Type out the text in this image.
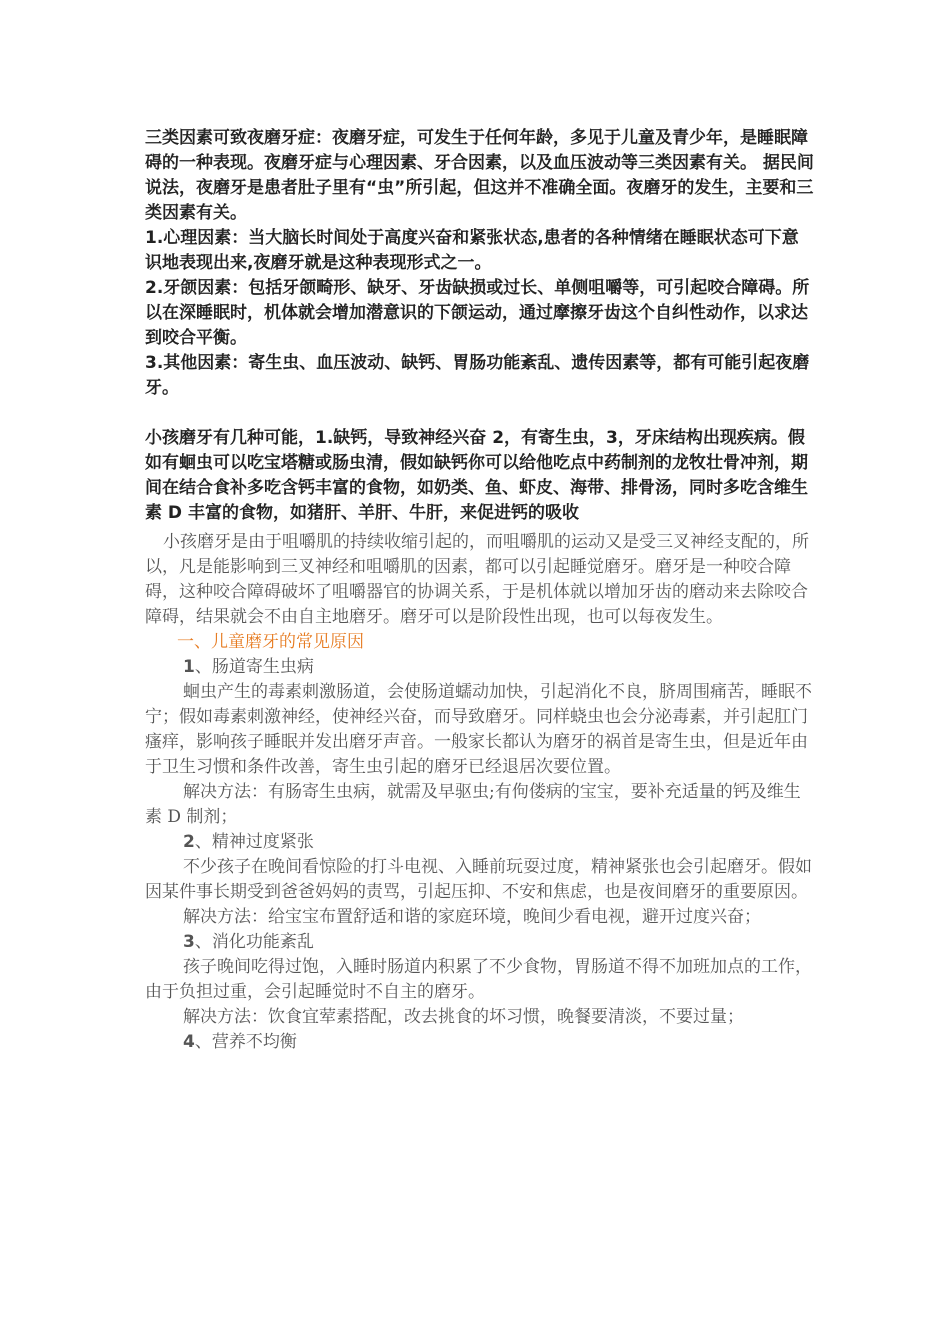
三类因素可致夜磨牙症：夜磨牙症，可发生于任何年龄，多见于儿童及青少年，是睡眠障碍的一种表现。夜磨牙症与心理因素、牙合因素，以及血压波动等三类因素有关。 据民间说法，夜磨牙是患者肚子里有“虫”所引起，但这并不准确全面。夜磨牙的发生，主要和三类因素有关。

1.心理因素：当大脑长时间处于高度兴奋和紧张状态,患者的各种情绪在睡眠状态可下意识地表现出来,夜磨牙就是这种表现形式之一。

2.牙颌因素：包括牙颌畸形、缺牙、牙齿缺损或过长、单侧咀嚼等，可引起咬合障碍。所以在深睡眠时，机体就会增加潜意识的下颌运动，通过摩擦牙齿这个自纠性动作，以求达到咬合平衡。

3.其他因素：寄生虫、血压波动、缺钙、胃肠功能紊乱、遗传因素等，都有可能引起夜磨牙。

小孩磨牙有几种可能，1.缺钙，导致神经兴奋 2，有寄生虫，3，牙床结构出现疾病。假如有蛔虫可以吃宝塔糖或肠虫清，假如缺钙你可以给他吃点中药制剂的龙牧壮骨冲剂，期间在结合食补多吃含钙丰富的食物，如奶类、鱼、虾皮、海带、排骨汤，同时多吃含维生素 D 丰富的食物，如猪肝、羊肝、牛肝，来促进钙的吸收

小孩磨牙是由于咀嚼肌的持续收缩引起的，而咀嚼肌的运动又是受三叉神经支配的，所以，凡是能影响到三叉神经和咀嚼肌的因素，都可以引起睡觉磨牙。磨牙是一种咬合障碍，这种咬合障碍破坏了咀嚼器官的协调关系，于是机体就以增加牙齿的磨动来去除咬合障碍，结果就会不由自主地磨牙。磨牙可以是阶段性出现，也可以每夜发生。

一、儿童磨牙的常见原因

1、肠道寄生虫病

蛔虫产生的毒素刺激肠道，会使肠道蠕动加快，引起消化不良，脐周围痛苦，睡眠不宁；假如毒素刺激神经，使神经兴奋，而导致磨牙。同样蛲虫也会分泌毒素，并引起肛门瘙痒，影响孩子睡眠并发出磨牙声音。一般家长都认为磨牙的祸首是寄生虫，但是近年由于卫生习惯和条件改善，寄生虫引起的磨牙已经退居次要位置。

解决方法：有肠寄生虫病，就需及早驱虫;有佝偻病的宝宝，要补充适量的钙及维生素 D 制剂；

2、精神过度紧张

不少孩子在晚间看惊险的打斗电视、入睡前玩耍过度，精神紧张也会引起磨牙。假如因某件事长期受到爸爸妈妈的责骂，引起压抑、不安和焦虑，也是夜间磨牙的重要原因。

解决方法：给宝宝布置舒适和谐的家庭环境，晚间少看电视，避开过度兴奋；

3、消化功能紊乱

孩子晚间吃得过饱，入睡时肠道内积累了不少食物，胃肠道不得不加班加点的工作，由于负担过重，会引起睡觉时不自主的磨牙。

解决方法：饮食宜荤素搭配，改去挑食的坏习惯，晚餐要清淡，不要过量；

4、营养不均衡
